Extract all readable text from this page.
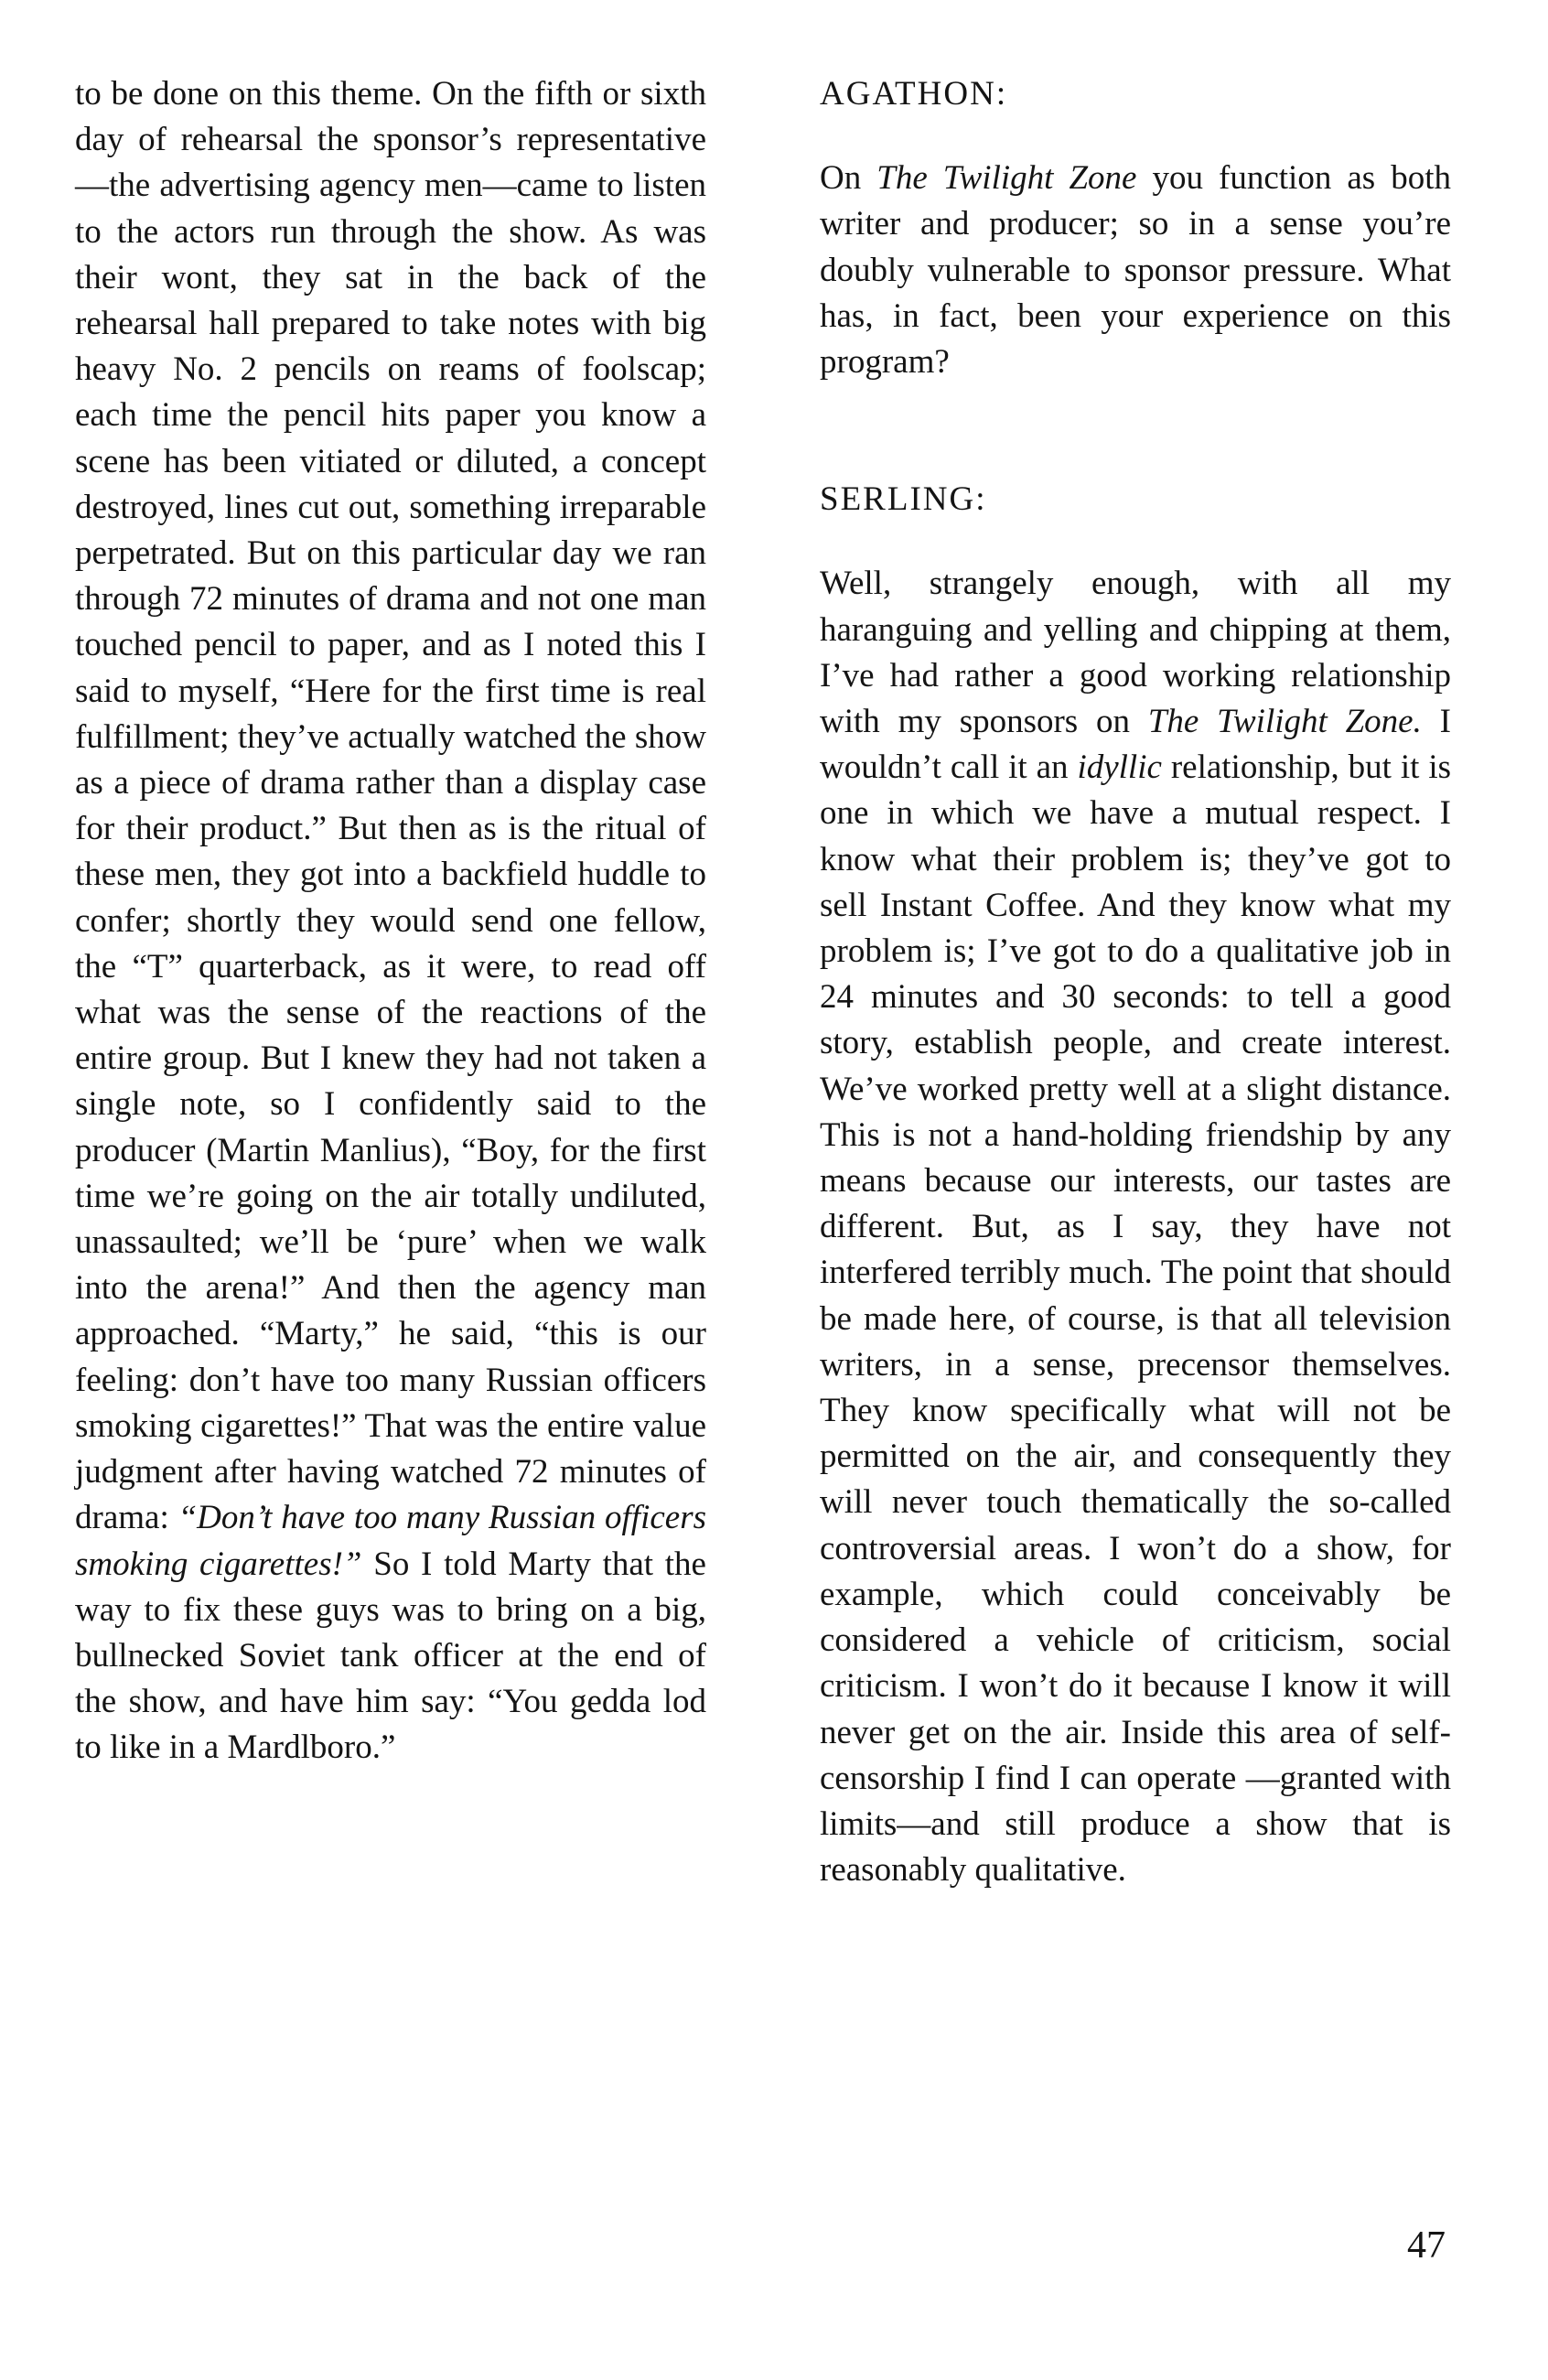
to be done on this theme. On the fifth or sixth day of rehearsal the sponsor’s representative—the advertising agency men—came to listen to the actors run through the show. As was their wont, they sat in the back of the rehearsal hall prepared to take notes with big heavy No. 2 pencils on reams of foolscap; each time the pencil hits paper you know a scene has been vitiated or diluted, a concept destroyed, lines cut out, something irreparable perpetrated. But on this particular day we ran through 72 minutes of drama and not one man touched pencil to paper, and as I noted this I said to myself, “Here for the first time is real fulfillment; they’ve actually watched the show as a piece of drama rather than a display case for their product.” But then as is the ritual of these men, they got into a backfield huddle to confer; shortly they would send one fellow, the “T” quarterback, as it were, to read off what was the sense of the reactions of the entire group. But I knew they had not taken a single note, so I confidently said to the producer (Martin Manlius), “Boy, for the first time we’re going on the air totally undiluted, unassaulted; we’ll be ‘pure’ when we walk into the arena!” And then the agency man approached. “Marty,” he said, “this is our feeling: don’t have too many Russian officers smoking cigarettes!” That was the entire value judgment after having watched 72 minutes of drama: “Don’t have too many Russian officers smoking cigarettes!” So I told Marty that the way to fix these guys was to bring on a big, bullnecked Soviet tank officer at the end of the show, and have him say: “You gedda lod to like in a Mardlboro.”

AGATHON:

On The Twilight Zone you function as both writer and producer; so in a sense you’re doubly vulnerable to sponsor pressure. What has, in fact, been your experience on this program?

SERLING:

Well, strangely enough, with all my haranguing and yelling and chipping at them, I’ve had rather a good working relationship with my sponsors on The Twilight Zone. I wouldn’t call it an idyllic relationship, but it is one in which we have a mutual respect. I know what their problem is; they’ve got to sell Instant Coffee. And they know what my problem is; I’ve got to do a qualitative job in 24 minutes and 30 seconds: to tell a good story, establish people, and create interest. We’ve worked pretty well at a slight distance. This is not a hand-holding friendship by any means because our interests, our tastes are different. But, as I say, they have not interfered terribly much. The point that should be made here, of course, is that all television writers, in a sense, precensor themselves. They know specifically what will not be permitted on the air, and consequently they will never touch thematically the so-called controversial areas. I won’t do a show, for example, which could conceivably be considered a vehicle of criticism, social criticism. I won’t do it because I know it will never get on the air. Inside this area of self-censorship I find I can operate —granted with limits—and still produce a show that is reasonably qualitative.

47
